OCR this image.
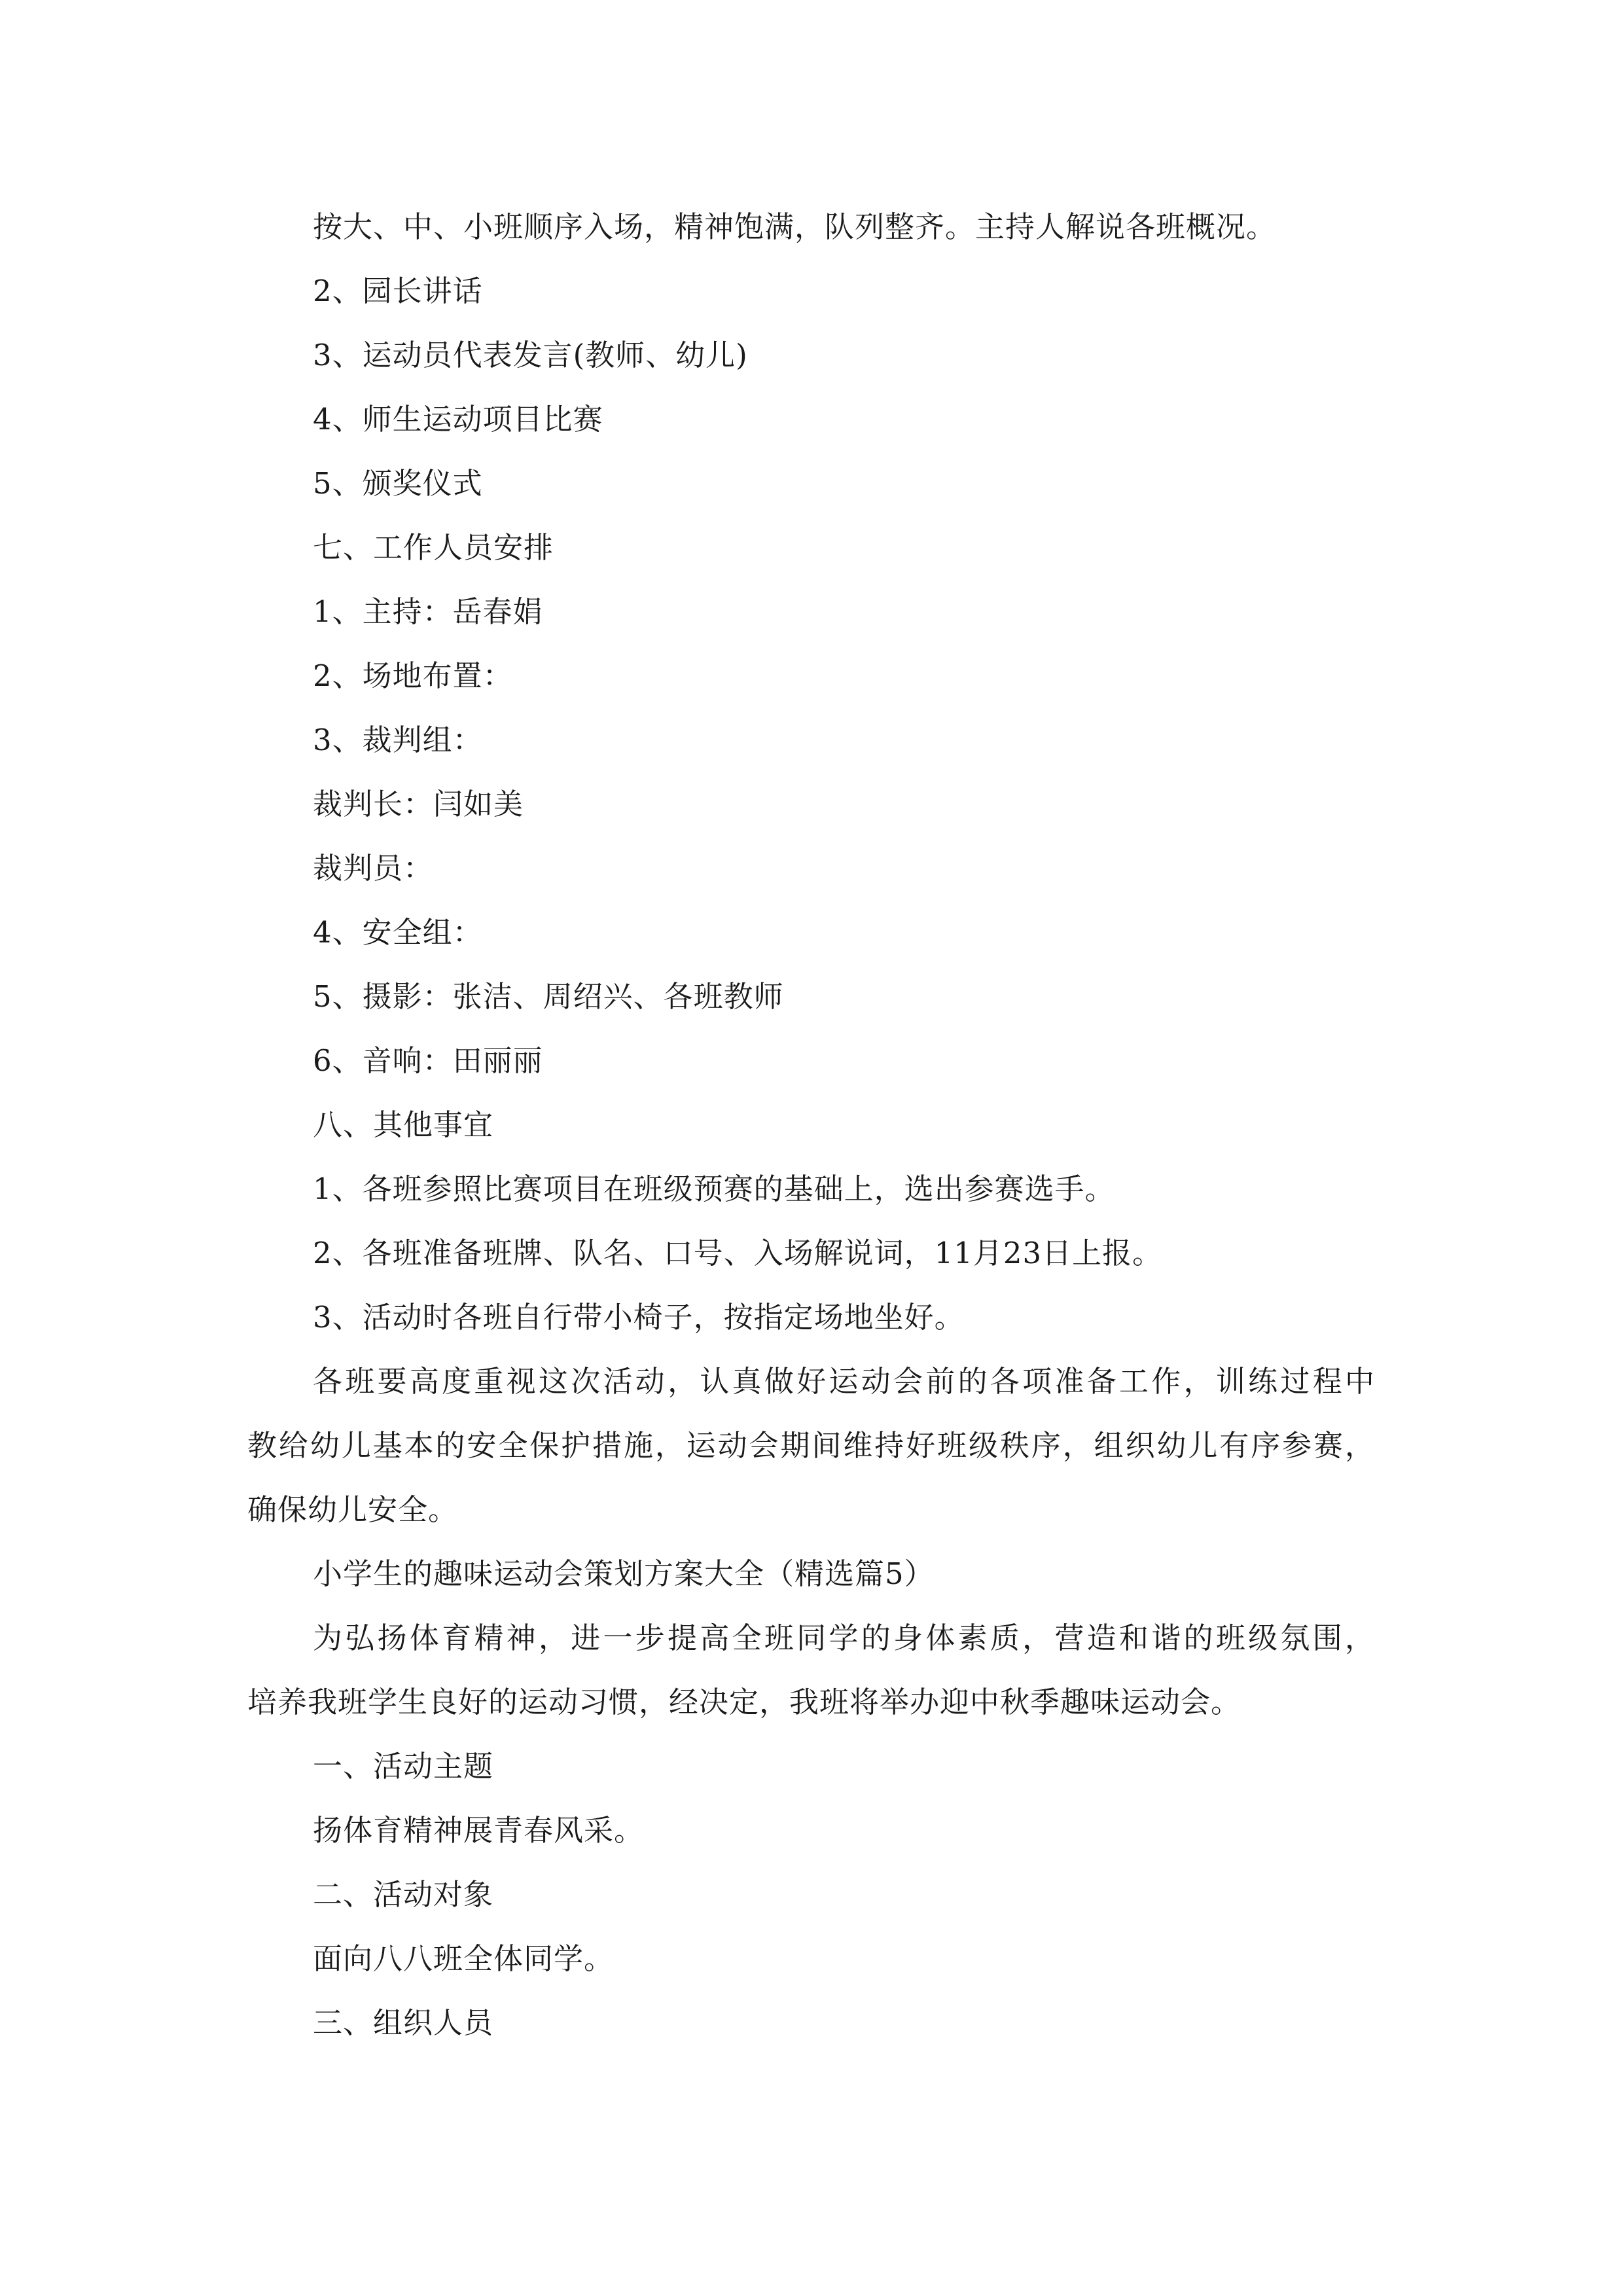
按大、中、小班顺序入场，精神饱满，队列整齐。主持人解说各班概况。
2、园长讲话
3、运动员代表发言(教师、幼儿)
4、师生运动项目比赛
5、颁奖仪式
七、工作人员安排
1、主持：岳春娟
2、场地布置：
3、裁判组：
裁判长：闫如美
裁判员：
4、安全组：
5、摄影：张洁、周绍兴、各班教师
6、音响：田丽丽
八、其他事宜
1、各班参照比赛项目在班级预赛的基础上，选出参赛选手。
2、各班准备班牌、队名、口号、入场解说词，11月23日上报。
3、活动时各班自行带小椅子，按指定场地坐好。
各班要高度重视这次活动，认真做好运动会前的各项准备工作，训练过程中
教给幼儿基本的安全保护措施，运动会期间维持好班级秩序，组织幼儿有序参赛，
确保幼儿安全。
小学生的趣味运动会策划方案大全（精选篇5）
为弘扬体育精神，进一步提高全班同学的身体素质，营造和谐的班级氛围，
培养我班学生良好的运动习惯，经决定，我班将举办迎中秋季趣味运动会。
一、活动主题
扬体育精神展青春风采。
二、活动对象
面向八八班全体同学。
三、组织人员
